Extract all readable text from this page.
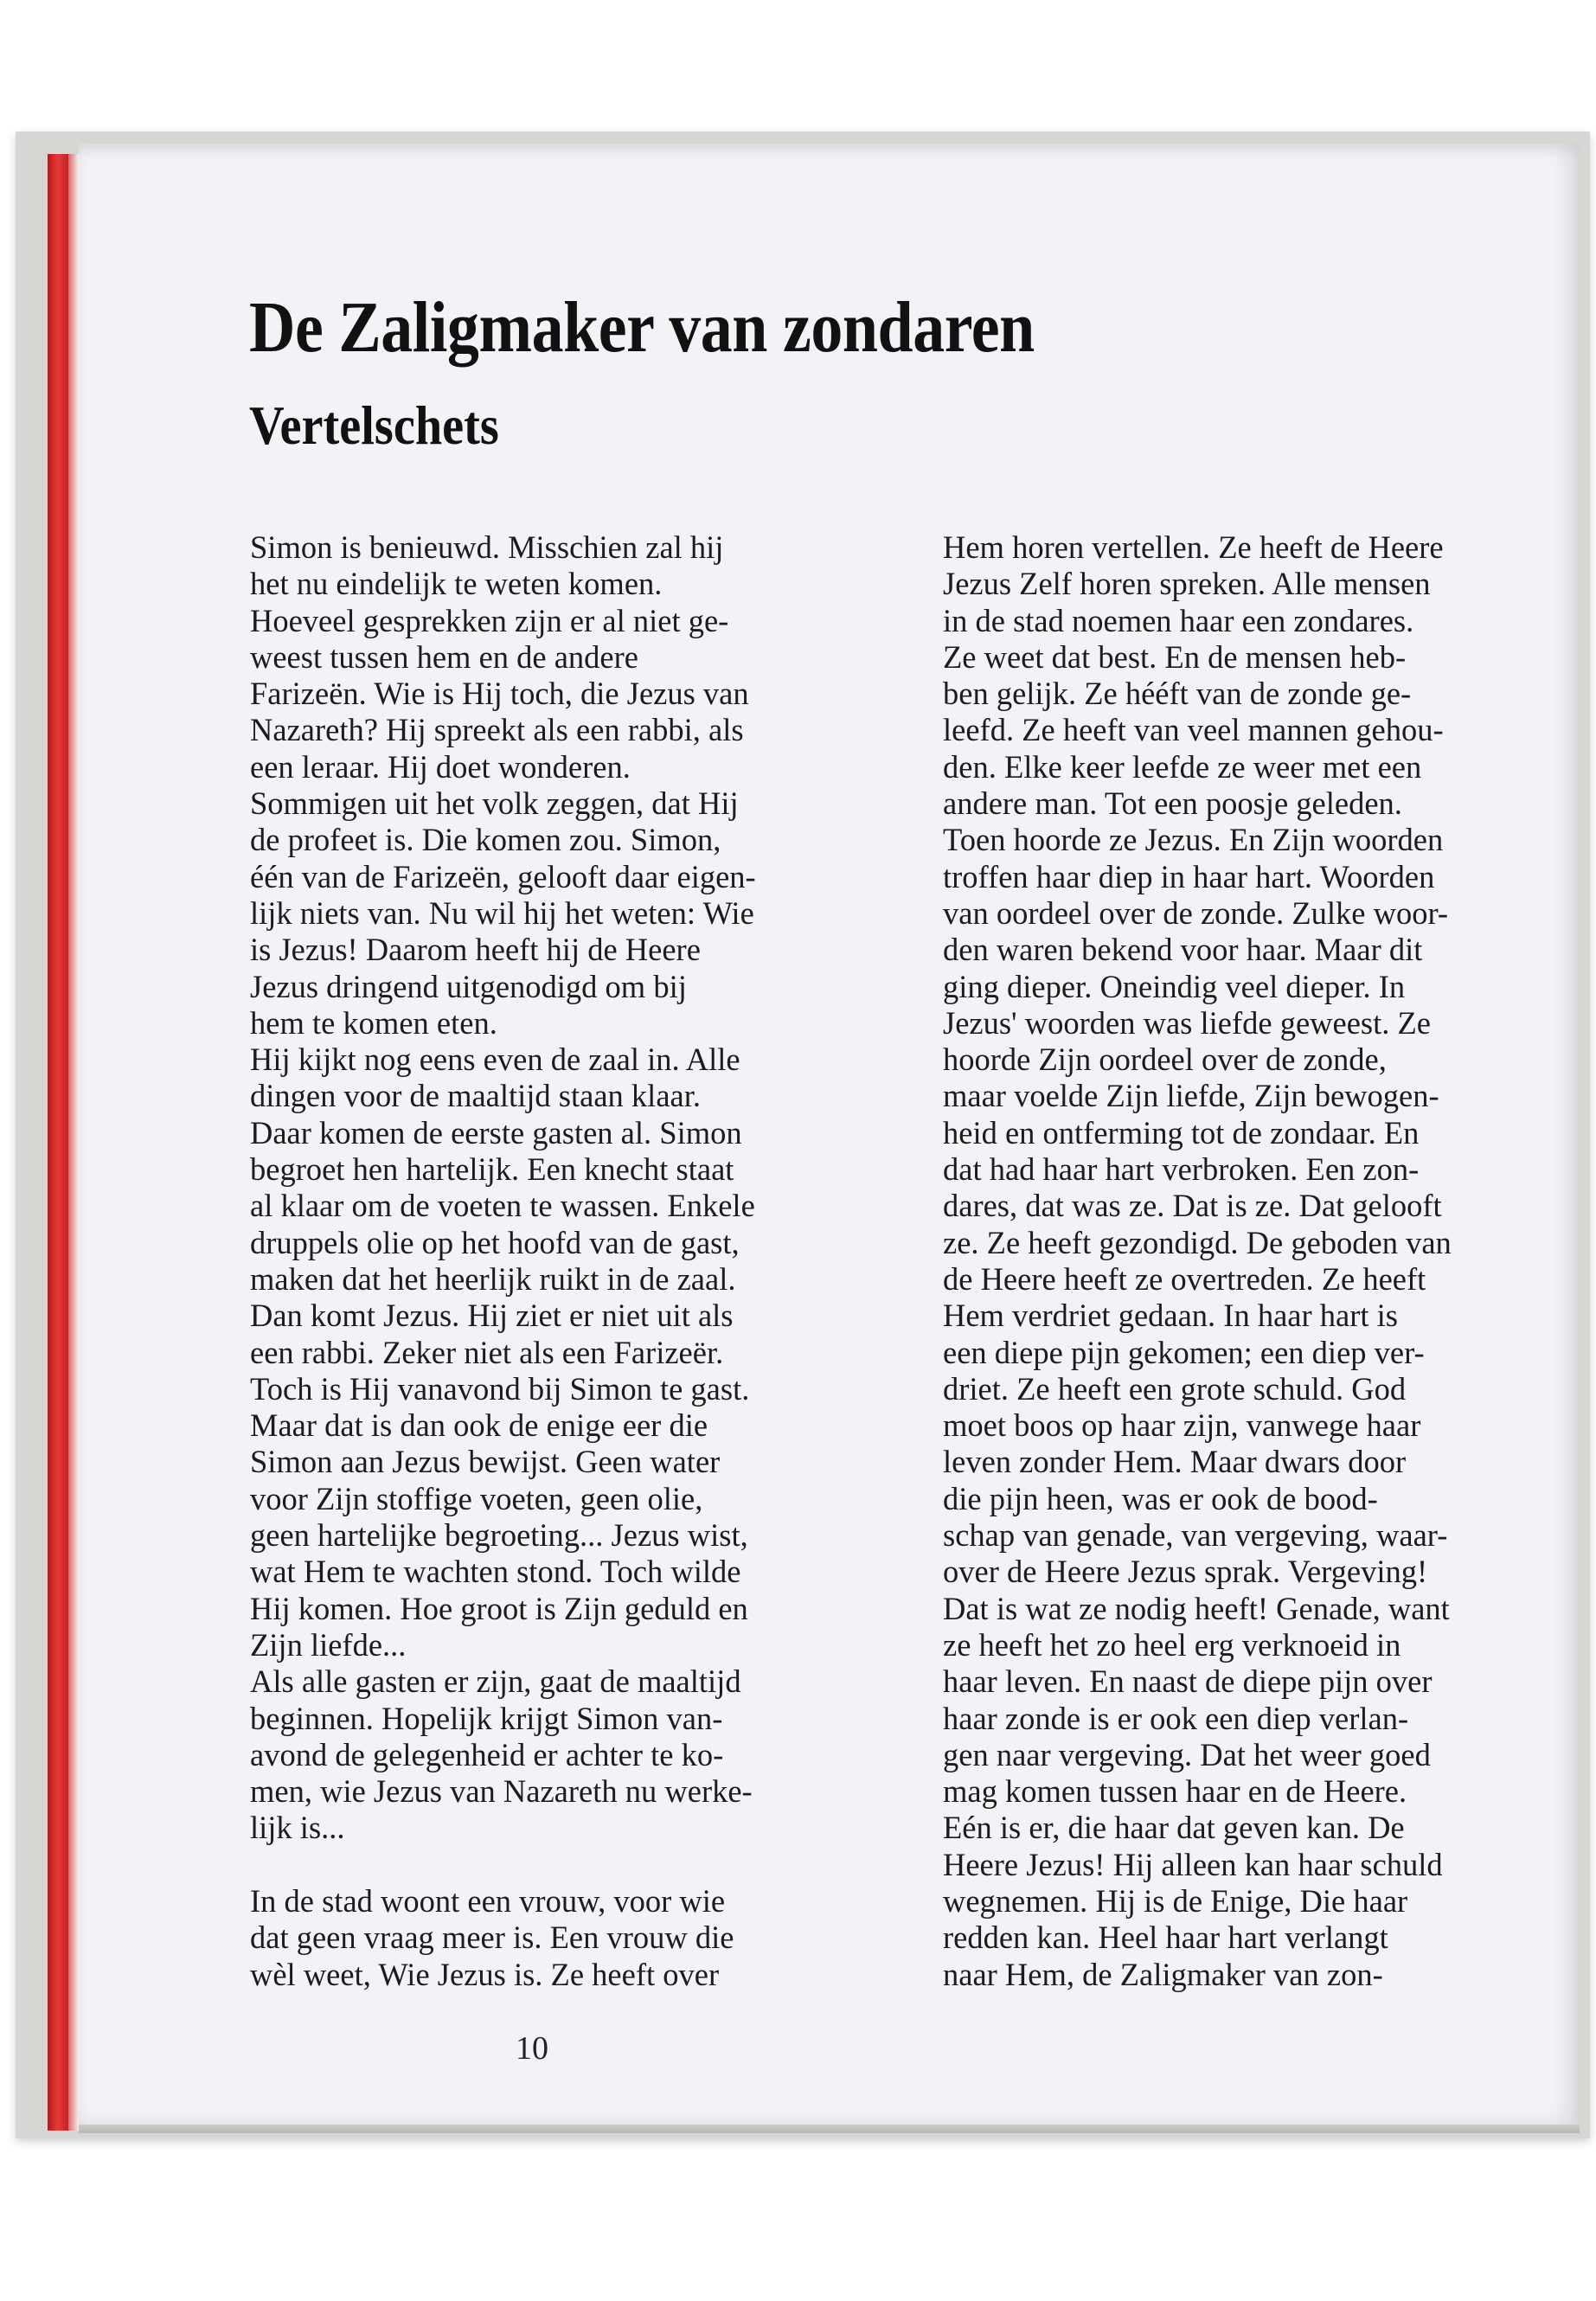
De Zaligmaker van zondaren
Vertelschets
Simon is benieuwd. Misschien zal hij
het nu eindelijk te weten komen.
Hoeveel gesprekken zijn er al niet ge-
weest tussen hem en de andere
Farizeën. Wie is Hij toch, die Jezus van
Nazareth? Hij spreekt als een rabbi, als
een leraar. Hij doet wonderen.
Sommigen uit het volk zeggen, dat Hij
de profeet is. Die komen zou. Simon,
één van de Farizeën, gelooft daar eigen-
lijk niets van. Nu wil hij het weten: Wie
is Jezus! Daarom heeft hij de Heere
Jezus dringend uitgenodigd om bij
hem te komen eten.
Hij kijkt nog eens even de zaal in. Alle
dingen voor de maaltijd staan klaar.
Daar komen de eerste gasten al. Simon
begroet hen hartelijk. Een knecht staat
al klaar om de voeten te wassen. Enkele
druppels olie op het hoofd van de gast,
maken dat het heerlijk ruikt in de zaal.
Dan komt Jezus. Hij ziet er niet uit als
een rabbi. Zeker niet als een Farizeër.
Toch is Hij vanavond bij Simon te gast.
Maar dat is dan ook de enige eer die
Simon aan Jezus bewijst. Geen water
voor Zijn stoffige voeten, geen olie,
geen hartelijke begroeting... Jezus wist,
wat Hem te wachten stond. Toch wilde
Hij komen. Hoe groot is Zijn geduld en
Zijn liefde...
Als alle gasten er zijn, gaat de maaltijd
beginnen. Hopelijk krijgt Simon van-
avond de gelegenheid er achter te ko-
men, wie Jezus van Nazareth nu werke-
lijk is...

In de stad woont een vrouw, voor wie
dat geen vraag meer is. Een vrouw die
wèl weet, Wie Jezus is. Ze heeft over
Hem horen vertellen. Ze heeft de Heere
Jezus Zelf horen spreken. Alle mensen
in de stad noemen haar een zondares.
Ze weet dat best. En de mensen heb-
ben gelijk. Ze hééft van de zonde ge-
leefd. Ze heeft van veel mannen gehou-
den. Elke keer leefde ze weer met een
andere man. Tot een poosje geleden.
Toen hoorde ze Jezus. En Zijn woorden
troffen haar diep in haar hart. Woorden
van oordeel over de zonde. Zulke woor-
den waren bekend voor haar. Maar dit
ging dieper. Oneindig veel dieper. In
Jezus' woorden was liefde geweest. Ze
hoorde Zijn oordeel over de zonde,
maar voelde Zijn liefde, Zijn bewogen-
heid en ontferming tot de zondaar. En
dat had haar hart verbroken. Een zon-
dares, dat was ze. Dat is ze. Dat gelooft
ze. Ze heeft gezondigd. De geboden van
de Heere heeft ze overtreden. Ze heeft
Hem verdriet gedaan. In haar hart is
een diepe pijn gekomen; een diep ver-
driet. Ze heeft een grote schuld. God
moet boos op haar zijn, vanwege haar
leven zonder Hem. Maar dwars door
die pijn heen, was er ook de bood-
schap van genade, van vergeving, waar-
over de Heere Jezus sprak. Vergeving!
Dat is wat ze nodig heeft! Genade, want
ze heeft het zo heel erg verknoeid in
haar leven. En naast de diepe pijn over
haar zonde is er ook een diep verlan-
gen naar vergeving. Dat het weer goed
mag komen tussen haar en de Heere.
Eén is er, die haar dat geven kan. De
Heere Jezus! Hij alleen kan haar schuld
wegnemen. Hij is de Enige, Die haar
redden kan. Heel haar hart verlangt
naar Hem, de Zaligmaker van zon-
10
